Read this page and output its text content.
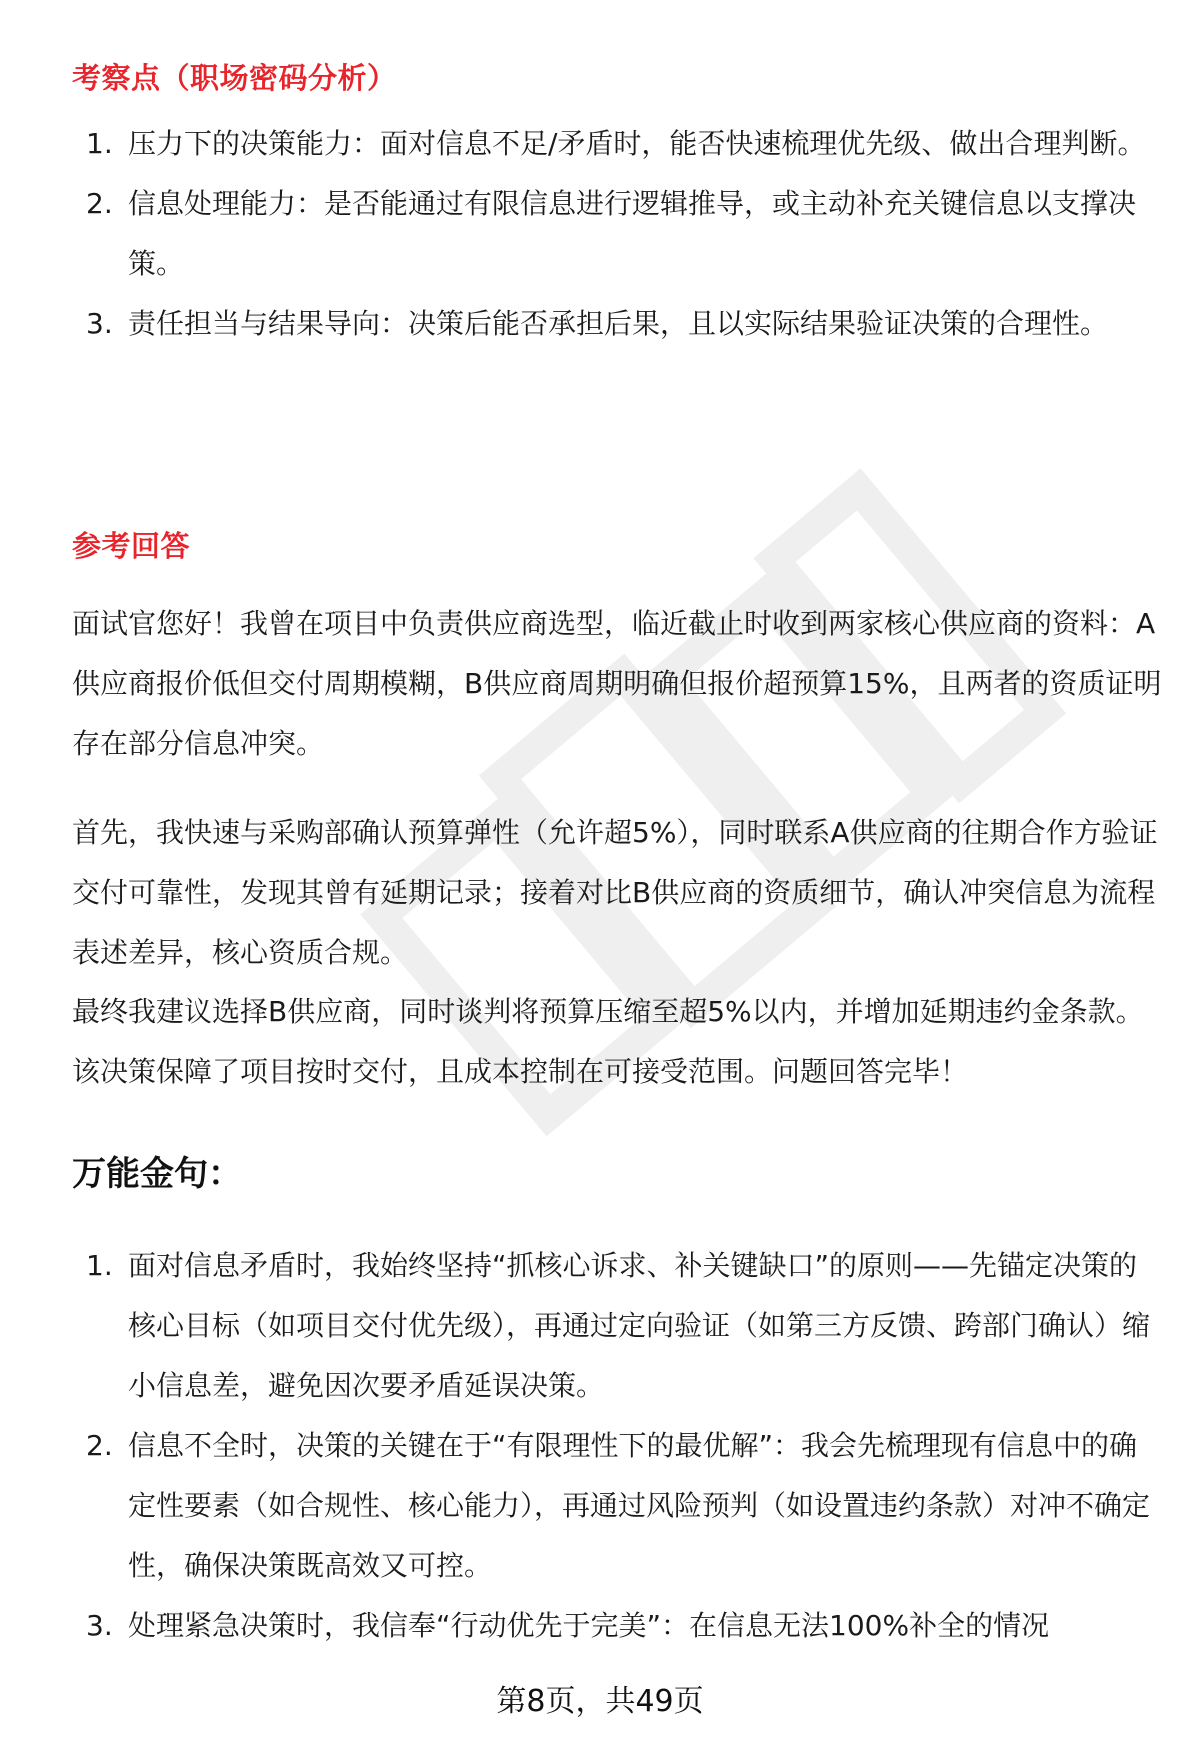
考察点（职场密码分析）
1. 压力下的决策能力：面对信息不足/矛盾时，能否快速梳理优先级、做出合理判断。
2. 信息处理能力：是否能通过有限信息进行逻辑推导，或主动补充关键信息以支撑决策。
3. 责任担当与结果导向：决策后能否承担后果，且以实际结果验证决策的合理性。
参考回答

面试官您好！我曾在项目中负责供应商选型，临近截止时收到两家核心供应商的资料：A供应商报价低但交付周期模糊，B供应商周期明确但报价超预算15%，且两者的资质证明存在部分信息冲突。

首先，我快速与采购部确认预算弹性（允许超5%），同时联系A供应商的往期合作方验证交付可靠性，发现其曾有延期记录；接着对比B供应商的资质细节，确认冲突信息为流程表述差异，核心资质合规。

最终我建议选择B供应商，同时谈判将预算压缩至超5%以内，并增加延期违约金条款。该决策保障了项目按时交付，且成本控制在可接受范围。问题回答完毕！

万能金句：
1. 面对信息矛盾时，我始终坚持“抓核心诉求、补关键缺口”的原则——先锚定决策的核心目标（如项目交付优先级），再通过定向验证（如第三方反馈、跨部门确认）缩小信息差，避免因次要矛盾延误决策。
2. 信息不全时，决策的关键在于“有限理性下的最优解”：我会先梳理现有信息中的确定性要素（如合规性、核心能力），再通过风险预判（如设置违约条款）对冲不确定性，确保决策既高效又可控。
3. 处理紧急决策时，我信奉“行动优先于完美”：在信息无法100%补全的情况
第8页，共49页
